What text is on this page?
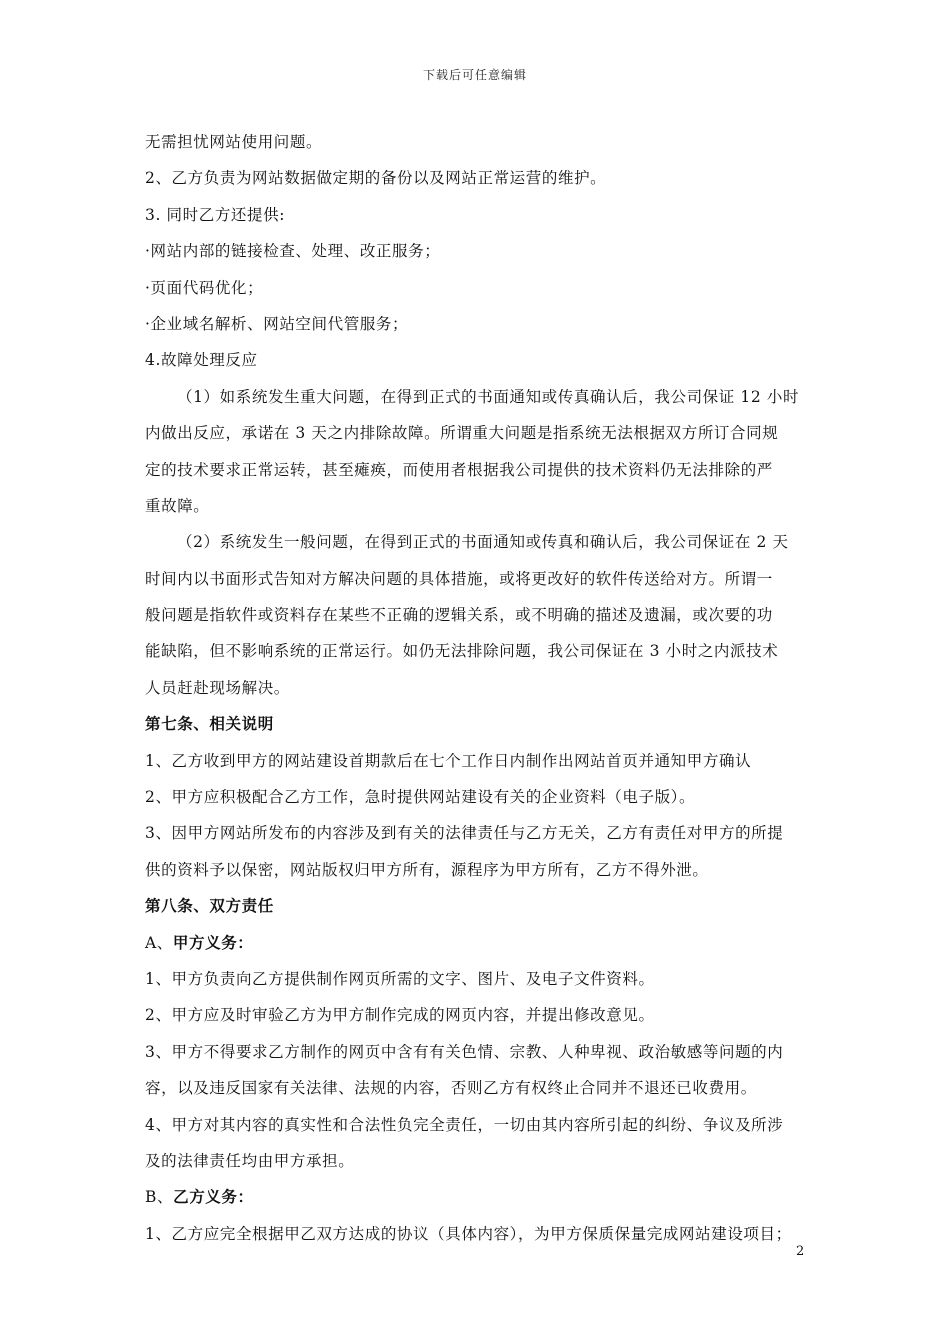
下载后可任意编辑
无需担忧网站使用问题。
2、乙方负责为网站数据做定期的备份以及网站正常运营的维护。
3. 同时乙方还提供:
·网站内部的链接检查、处理、改正服务；
·页面代码优化；
·企业域名解析、网站空间代管服务；
4.故障处理反应
（1）如系统发生重大问题，在得到正式的书面通知或传真确认后，我公司保证 12 小时
内做出反应，承诺在 3 天之内排除故障。所谓重大问题是指系统无法根据双方所订合同规
定的技术要求正常运转，甚至瘫痪，而使用者根据我公司提供的技术资料仍无法排除的严
重故障。
（2）系统发生一般问题，在得到正式的书面通知或传真和确认后，我公司保证在 2 天
时间内以书面形式告知对方解决问题的具体措施，或将更改好的软件传送给对方。所谓一
般问题是指软件或资料存在某些不正确的逻辑关系，或不明确的描述及遗漏，或次要的功
能缺陷，但不影响系统的正常运行。如仍无法排除问题，我公司保证在 3 小时之内派技术
人员赶赴现场解决。
第七条、相关说明
1、乙方收到甲方的网站建设首期款后在七个工作日内制作出网站首页并通知甲方确认
2、甲方应积极配合乙方工作，急时提供网站建设有关的企业资料（电子版）。
3、因甲方网站所发布的内容涉及到有关的法律责任与乙方无关，乙方有责任对甲方的所提
供的资料予以保密，网站版权归甲方所有，源程序为甲方所有，乙方不得外泄。
第八条、双方责任
A、甲方义务：
1、甲方负责向乙方提供制作网页所需的文字、图片、及电子文件资料。
2、甲方应及时审验乙方为甲方制作完成的网页内容，并提出修改意见。
3、甲方不得要求乙方制作的网页中含有有关色情、宗教、人种卑视、政治敏感等问题的内
容，以及违反国家有关法律、法规的内容，否则乙方有权终止合同并不退还已收费用。
4、甲方对其内容的真实性和合法性负完全责任，一切由其内容所引起的纠纷、争议及所涉
及的法律责任均由甲方承担。
B、乙方义务：
1、乙方应完全根据甲乙双方达成的协议（具体内容），为甲方保质保量完成网站建设项目；
2
